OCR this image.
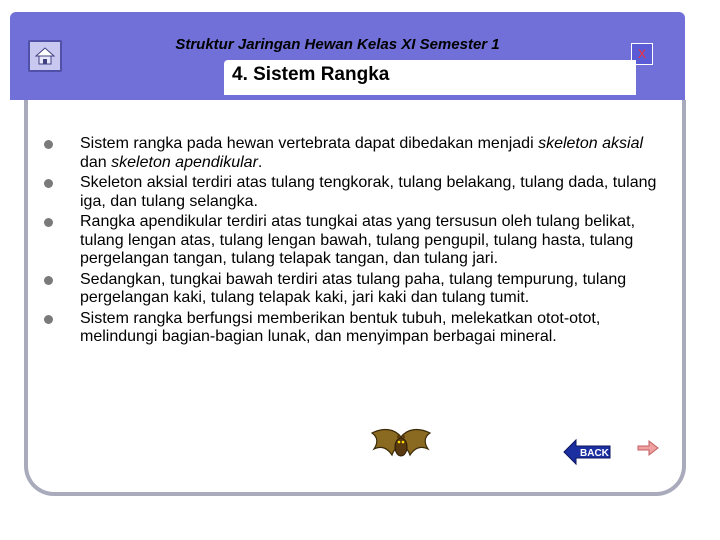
Struktur Jaringan Hewan Kelas XI Semester 1
X
4. Sistem Rangka
Sistem rangka pada hewan vertebrata dapat dibedakan menjadi skeleton aksial dan skeleton apendikular.
Skeleton aksial terdiri atas tulang tengkorak, tulang belakang, tulang dada, tulang iga, dan tulang selangka.
Rangka apendikular terdiri atas tungkai atas yang tersusun oleh tulang belikat, tulang lengan atas, tulang lengan bawah, tulang pengupil, tulang hasta, tulang pergelangan tangan, tulang telapak tangan, dan tulang jari.
Sedangkan, tungkai bawah terdiri atas tulang paha, tulang tempurung, tulang pergelangan kaki, tulang telapak kaki, jari kaki dan tulang tumit.
Sistem rangka berfungsi memberikan bentuk tubuh, melekatkan otot-otot, melindungi bagian-bagian lunak, dan menyimpan berbagai mineral.
BACK
